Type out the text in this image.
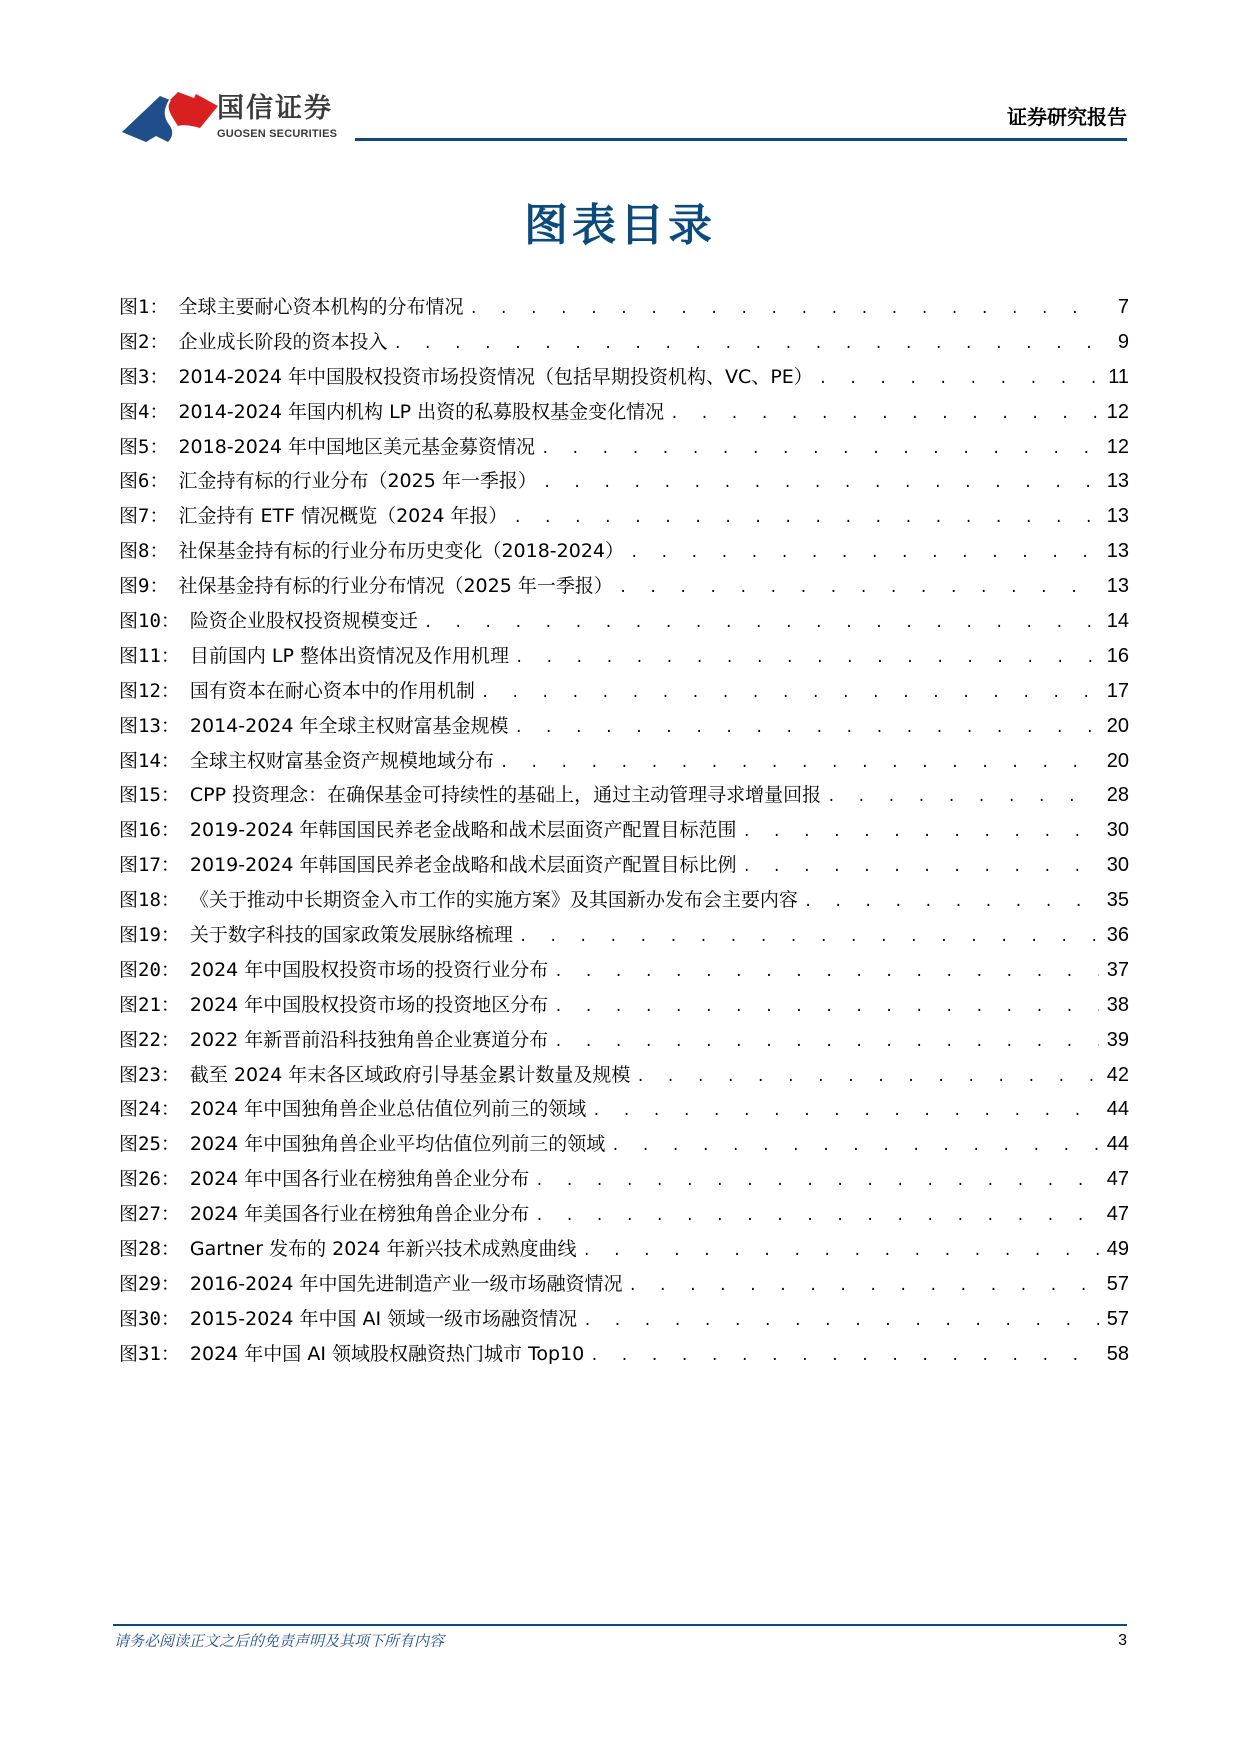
国信证券
GUOSEN SECURITIES
证券研究报告
图表目录
图1： 全球主要耐心资本机构的分布情况 . . .	7
图2： 企业成长阶段的资本投入 . . .	9
图3： 2014-2024 年中国股权投资市场投资情况（包括早期投资机构、VC、PE） . . .	11
图4： 2014-2024 年国内机构 LP 出资的私募股权基金变化情况 . . .	12
图5： 2018-2024 年中国地区美元基金募资情况 . . .	12
图6： 汇金持有标的行业分布（2025 年一季报） . . .	13
图7： 汇金持有 ETF 情况概览（2024 年报） . . .	13
图8： 社保基金持有标的行业分布历史变化（2018-2024） . . .	13
图9： 社保基金持有标的行业分布情况（2025 年一季报） . . .	13
图10： 险资企业股权投资规模变迁 . . .	14
图11： 目前国内 LP 整体出资情况及作用机理 . . .	16
图12： 国有资本在耐心资本中的作用机制 . . .	17
图13： 2014-2024 年全球主权财富基金规模 . . .	20
图14： 全球主权财富基金资产规模地域分布 . . .	20
图15： CPP 投资理念：在确保基金可持续性的基础上，通过主动管理寻求增量回报 . . .	28
图16： 2019-2024 年韩国国民养老金战略和战术层面资产配置目标范围 . . .	30
图17： 2019-2024 年韩国国民养老金战略和战术层面资产配置目标比例 . . .	30
图18： 《关于推动中长期资金入市工作的实施方案》及其国新办发布会主要内容 . . .	35
图19： 关于数字科技的国家政策发展脉络梳理 . . .	36
图20： 2024 年中国股权投资市场的投资行业分布 . . .	37
图21： 2024 年中国股权投资市场的投资地区分布 . . .	38
图22： 2022 年新晋前沿科技独角兽企业赛道分布 . . .	39
图23： 截至 2024 年末各区域政府引导基金累计数量及规模 . . .	42
图24： 2024 年中国独角兽企业总估值位列前三的领域 . . .	44
图25： 2024 年中国独角兽企业平均估值位列前三的领域 . . .	44
图26： 2024 年中国各行业在榜独角兽企业分布 . . .	47
图27： 2024 年美国各行业在榜独角兽企业分布 . . .	47
图28： Gartner 发布的 2024 年新兴技术成熟度曲线 . . .	49
图29： 2016-2024 年中国先进制造产业一级市场融资情况 . . .	57
图30： 2015-2024 年中国 AI 领域一级市场融资情况 . . .	57
图31： 2024 年中国 AI 领域股权融资热门城市 Top10 . . .	58
请务必阅读正文之后的免责声明及其项下所有内容	3
